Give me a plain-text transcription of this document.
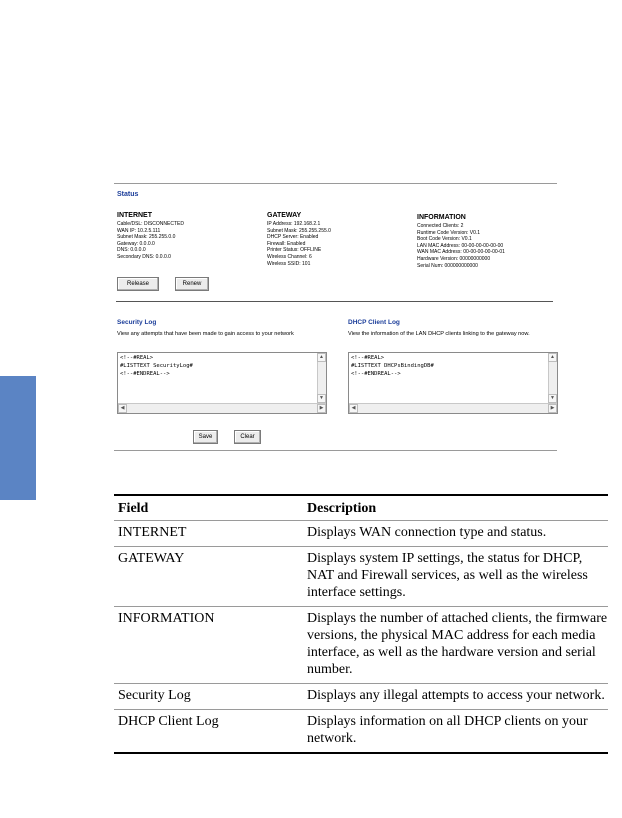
Status
INTERNET
Cable/DSL: DISCONNECTED
WAN IP: 10.2.5.111
Subnet Mask: 255.255.0.0
Gateway: 0.0.0.0
DNS: 0.0.0.0
Secondary DNS: 0.0.0.0
GATEWAY
IP Address: 192.168.2.1
Subnet Mask: 255.255.255.0
DHCP Server: Enabled
Firewall: Enabled
Printer Status: OFFLINE
Wireless Channel: 6
Wireless SSID: 101
INFORMATION
Connected Clients: 2
Runtime Code Version: V0.1
Boot Code Version: V0.1
LAN MAC Address: 00-00-00-00-00-00
WAN MAC Address: 00-00-00-00-00-01
Hardware Version: 00000000000
Serial Num: 000000000000
Release	Renew
Security Log
View any attempts that have been made to gain access to your network
<!--#REAL>
#LISTTEXT SecurityLog#
<!--#ENDREAL-->
▲
▼
◀	▶
DHCP Client Log
View the information of the LAN DHCP clients linking to the gateway now.
<!--#REAL>
#LISTTEXT DHCPsBindingDB#
<!--#ENDREAL-->
▲
▼
◀	▶
Save	Clear
Field	Description
INTERNET	Displays WAN connection type and status.
GATEWAY	Displays system IP settings, the status for DHCP, NAT and Firewall services, as well as the wireless interface settings.
INFORMATION	Displays the number of attached clients, the firmware versions, the physical MAC address for each media interface, as well as the hardware version and serial number.
Security Log	Displays any illegal attempts to access your network.
DHCP Client Log	Displays information on all DHCP clients on your network.
